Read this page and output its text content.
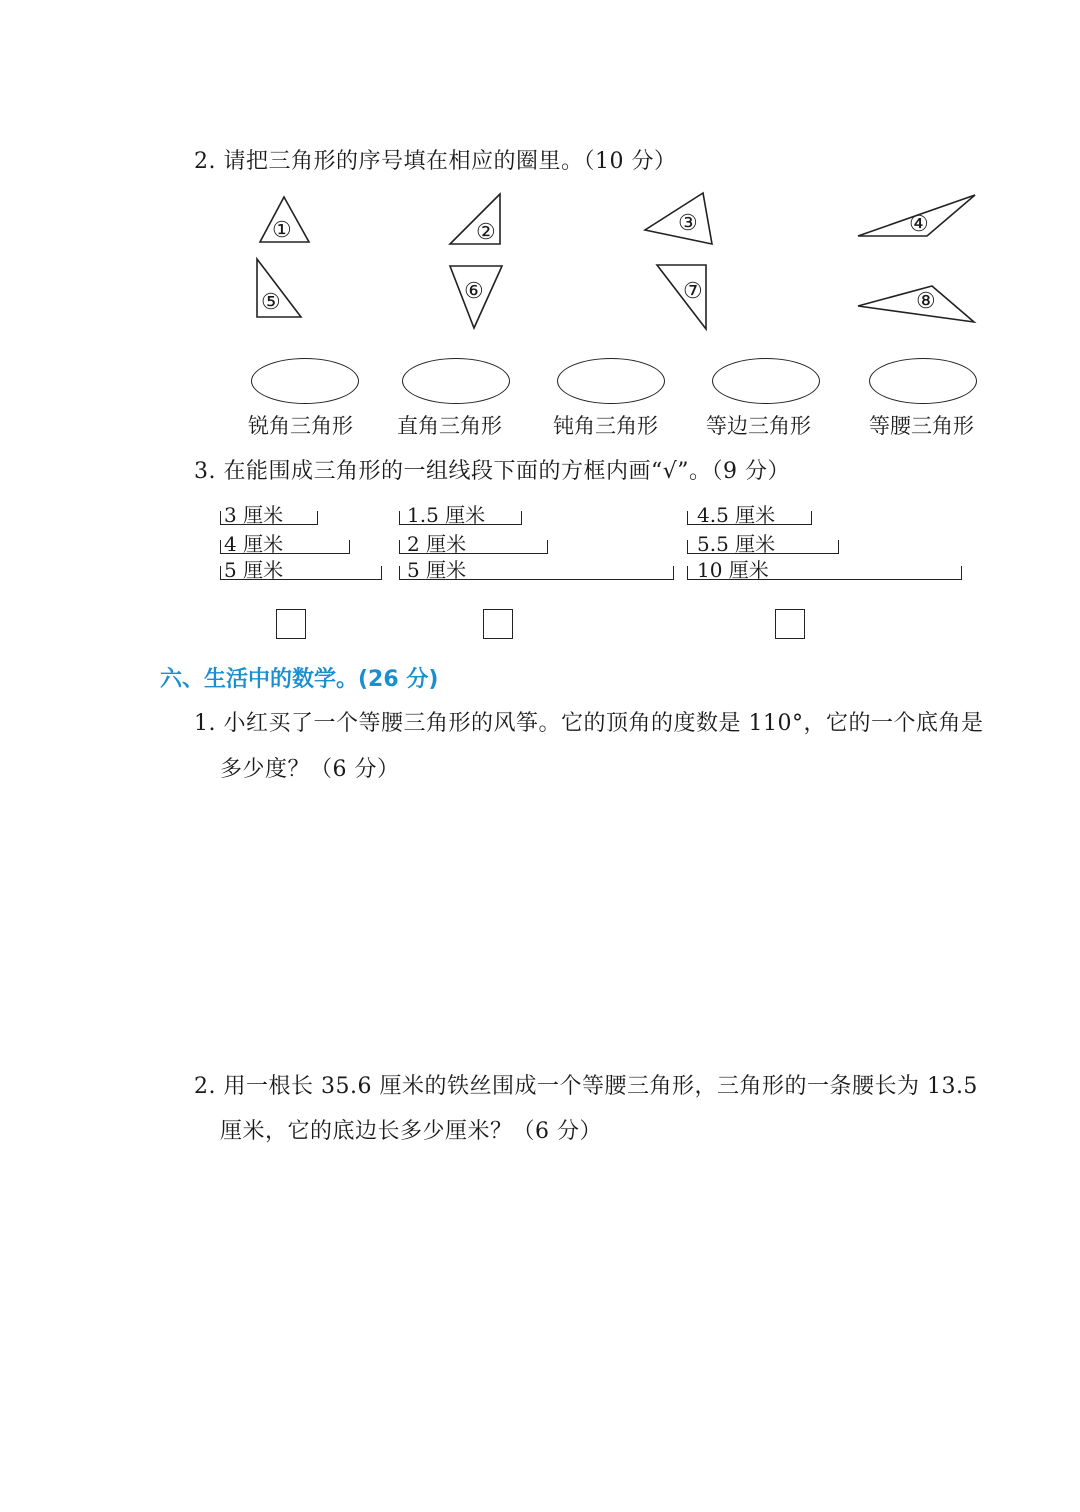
2. 请把三角形的序号填在相应的圈里。（10 分）
①	②	③	④
⑤	⑥	⑦	⑧
锐角三角形 直角三角形 钝角三角形 等边三角形	等腰三角形
3. 在能围成三角形的一组线段下面的方框内画“√”。（9 分）
3 厘米
4 厘米
5 厘米
1.5 厘米
2 厘米
5 厘米
4.5 厘米
5.5 厘米
10 厘米
六、生活中的数学。(26 分)
1. 小红买了一个等腰三角形的风筝。它的顶角的度数是 110°，它的一个底角是
多少度？（6 分）
2. 用一根长 35.6 厘米的铁丝围成一个等腰三角形，三角形的一条腰长为 13.5
厘米，它的底边长多少厘米？（6 分）
